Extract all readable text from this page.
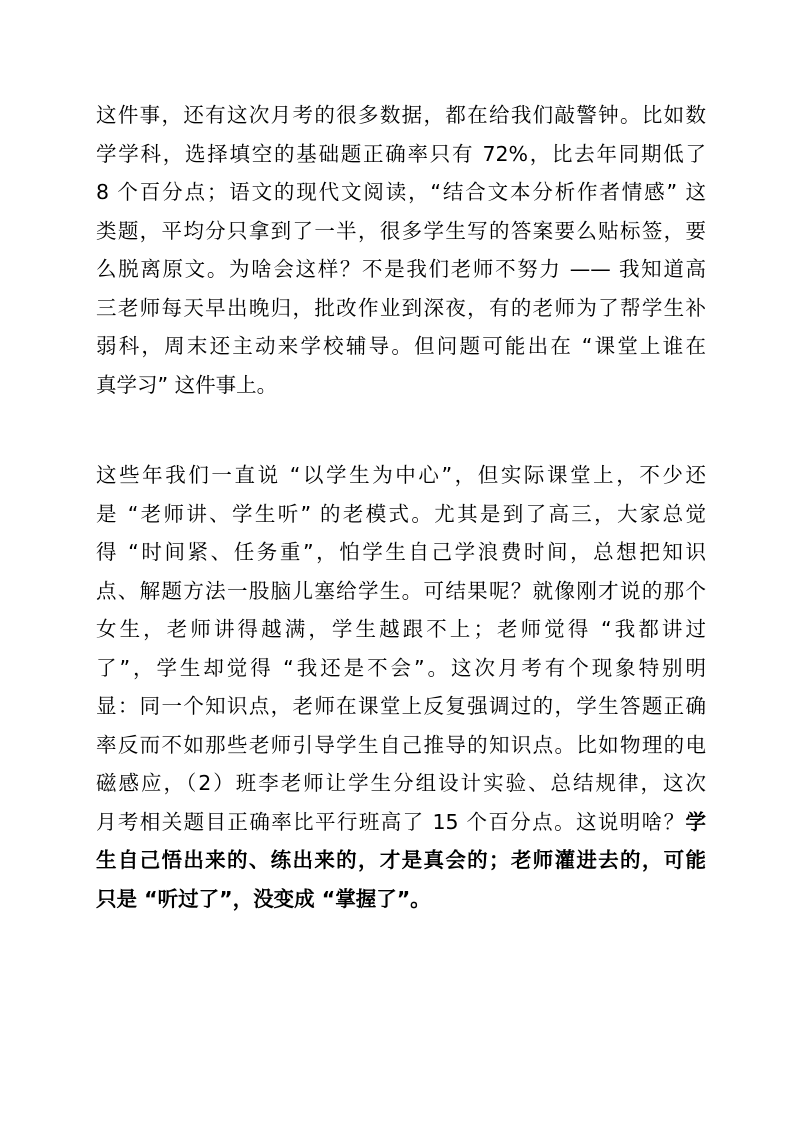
这件事，还有这次月考的很多数据，都在给我们敲警钟。比如数
学学科，选择填空的基础题正确率只有 72%，比去年同期低了
8 个百分点；语文的现代文阅读，“结合文本分析作者情感” 这
类题，平均分只拿到了一半，很多学生写的答案要么贴标签，要
么脱离原文。为啥会这样？不是我们老师不努力 —— 我知道高
三老师每天早出晚归，批改作业到深夜，有的老师为了帮学生补
弱科，周末还主动来学校辅导。但问题可能出在 “课堂上谁在
真学习” 这件事上。
这些年我们一直说 “以学生为中心”，但实际课堂上，不少还
是 “老师讲、学生听” 的老模式。尤其是到了高三，大家总觉
得 “时间紧、任务重”，怕学生自己学浪费时间，总想把知识
点、解题方法一股脑儿塞给学生。可结果呢？就像刚才说的那个
女生，老师讲得越满，学生越跟不上；老师觉得 “我都讲过
了”，学生却觉得 “我还是不会”。这次月考有个现象特别明
显：同一个知识点，老师在课堂上反复强调过的，学生答题正确
率反而不如那些老师引导学生自己推导的知识点。比如物理的电
磁感应，（2）班李老师让学生分组设计实验、总结规律，这次
月考相关题目正确率比平行班高了 15 个百分点。这说明啥？学
生自己悟出来的、练出来的，才是真会的；老师灌进去的，可能
只是 “听过了”，没变成 “掌握了”。
